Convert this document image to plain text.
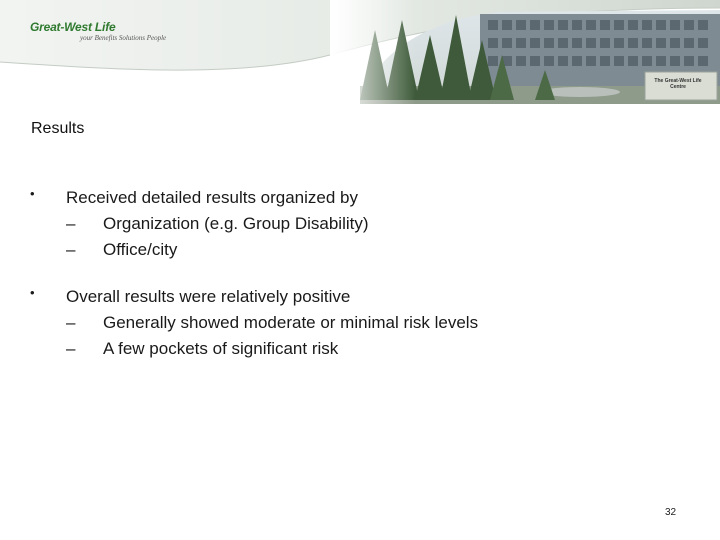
Great-West Life
your Benefits Solutions People
The Great-West Life Centre
Results
• Received detailed results organized by
– Organization (e.g. Group Disability)
– Office/city
• Overall results were relatively positive
– Generally showed moderate or minimal risk levels
– A few pockets of significant risk
32
